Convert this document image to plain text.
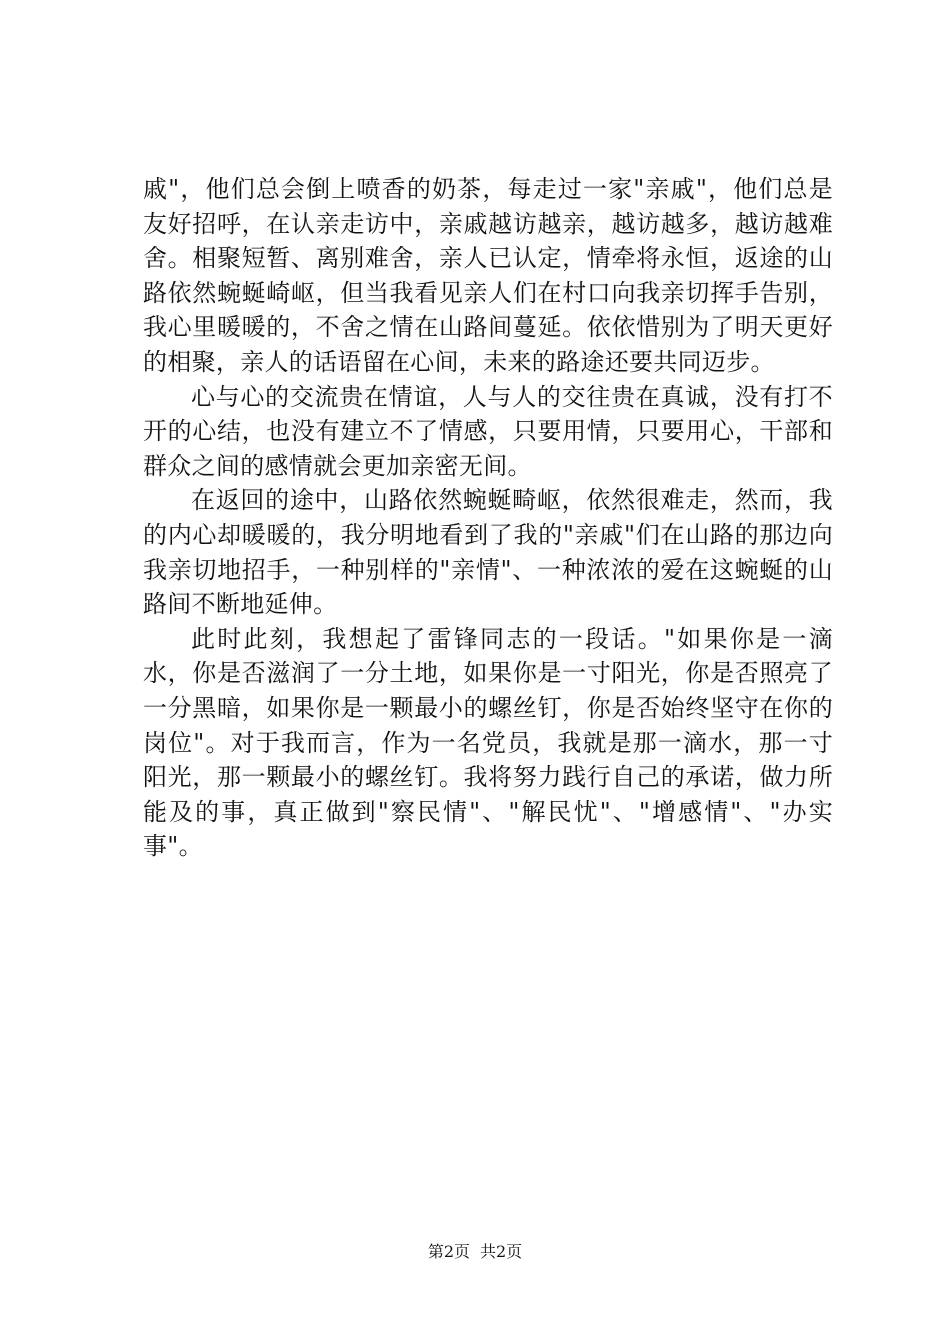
戚"，他们总会倒上喷香的奶茶，每走过一家"亲戚"，他们总是友好招呼，在认亲走访中，亲戚越访越亲，越访越多，越访越难舍。相聚短暂、离别难舍，亲人已认定，情牵将永恒，返途的山路依然蜿蜒崎岖，但当我看见亲人们在村口向我亲切挥手告别，我心里暖暖的，不舍之情在山路间蔓延。依依惜别为了明天更好的相聚，亲人的话语留在心间，未来的路途还要共同迈步。

心与心的交流贵在情谊，人与人的交往贵在真诚，没有打不开的心结，也没有建立不了情感，只要用情，只要用心，干部和群众之间的感情就会更加亲密无间。

在返回的途中，山路依然蜿蜒畸岖，依然很难走，然而，我的内心却暖暖的，我分明地看到了我的"亲戚"们在山路的那边向我亲切地招手，一种别样的"亲情"、一种浓浓的爱在这蜿蜒的山路间不断地延伸。

此时此刻，我想起了雷锋同志的一段话。"如果你是一滴水，你是否滋润了一分土地，如果你是一寸阳光，你是否照亮了一分黑暗，如果你是一颗最小的螺丝钉，你是否始终坚守在你的岗位"。对于我而言，作为一名党员，我就是那一滴水，那一寸阳光，那一颗最小的螺丝钉。我将努力践行自己的承诺，做力所能及的事，真正做到"察民情"、"解民忧"、"增感情"、"办实事"。

第2页 共2页
